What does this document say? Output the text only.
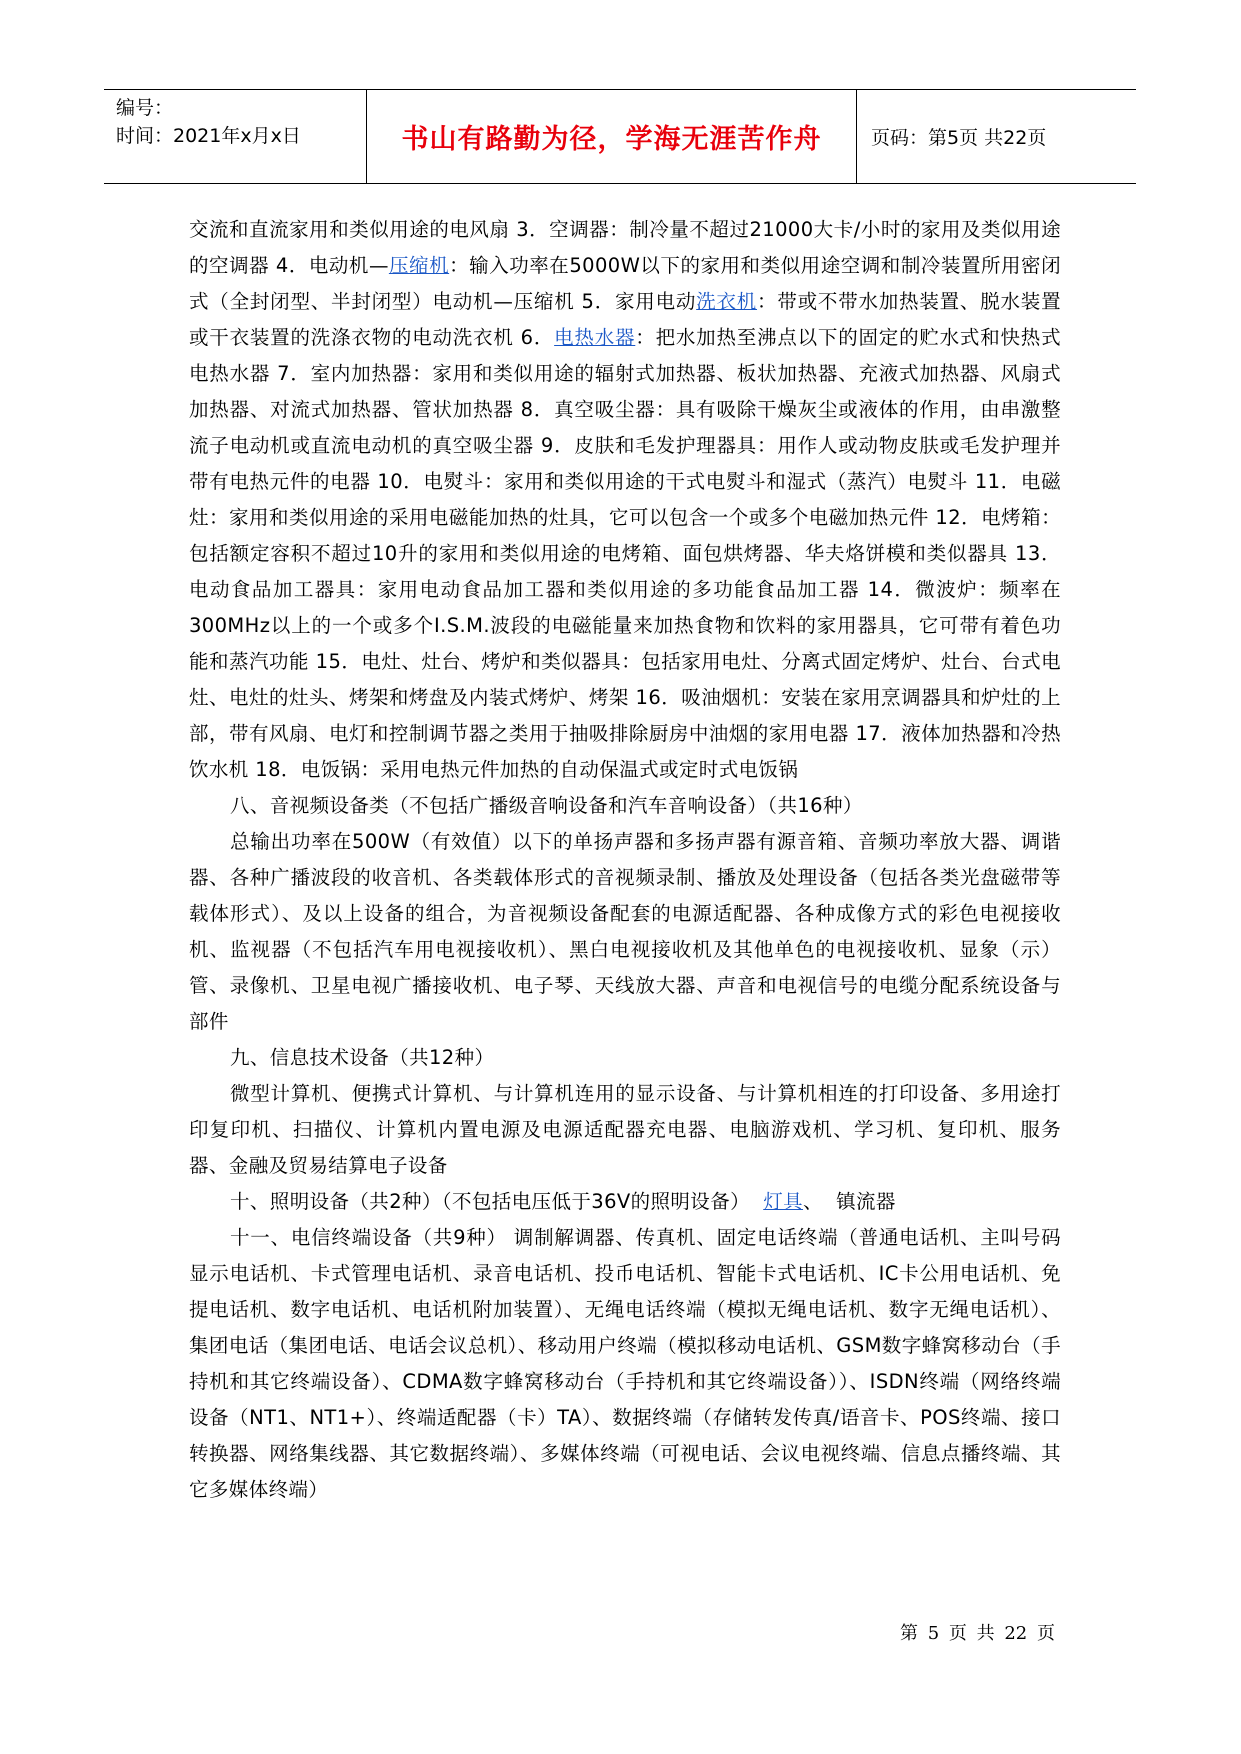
编号：
时间：2021年x月x日	书山有路勤为径，学海无涯苦作舟	页码：第5页 共22页

交流和直流家用和类似用途的电风扇 3．空调器：制冷量不超过21000大卡/小时的家用及类似用途的空调器 4．电动机—压缩机：输入功率在5000W以下的家用和类似用途空调和制冷装置所用密闭式（全封闭型、半封闭型）电动机—压缩机 5．家用电动洗衣机：带或不带水加热装置、脱水装置或干衣装置的洗涤衣物的电动洗衣机 6．电热水器：把水加热至沸点以下的固定的贮水式和快热式电热水器 7．室内加热器：家用和类似用途的辐射式加热器、板状加热器、充液式加热器、风扇式加热器、对流式加热器、管状加热器 8．真空吸尘器：具有吸除干燥灰尘或液体的作用，由串激整流子电动机或直流电动机的真空吸尘器 9．皮肤和毛发护理器具：用作人或动物皮肤或毛发护理并带有电热元件的电器 10．电熨斗：家用和类似用途的干式电熨斗和湿式（蒸汽）电熨斗 11．电磁灶：家用和类似用途的采用电磁能加热的灶具，它可以包含一个或多个电磁加热元件 12．电烤箱：包括额定容积不超过10升的家用和类似用途的电烤箱、面包烘烤器、华夫烙饼模和类似器具 13．电动食品加工器具：家用电动食品加工器和类似用途的多功能食品加工器 14．微波炉：频率在300MHz以上的一个或多个I.S.M.波段的电磁能量来加热食物和饮料的家用器具，它可带有着色功能和蒸汽功能 15．电灶、灶台、烤炉和类似器具：包括家用电灶、分离式固定烤炉、灶台、台式电灶、电灶的灶头、烤架和烤盘及内装式烤炉、烤架 16．吸油烟机：安装在家用烹调器具和炉灶的上部，带有风扇、电灯和控制调节器之类用于抽吸排除厨房中油烟的家用电器 17．液体加热器和冷热饮水机 18．电饭锅：采用电热元件加热的自动保温式或定时式电饭锅

八、音视频设备类（不包括广播级音响设备和汽车音响设备）（共16种）

总输出功率在500W（有效值）以下的单扬声器和多扬声器有源音箱、音频功率放大器、调谐器、各种广播波段的收音机、各类载体形式的音视频录制、播放及处理设备（包括各类光盘磁带等载体形式）、及以上设备的组合，为音视频设备配套的电源适配器、各种成像方式的彩色电视接收机、监视器（不包括汽车用电视接收机）、黑白电视接收机及其他单色的电视接收机、显象（示）管、录像机、卫星电视广播接收机、电子琴、天线放大器、声音和电视信号的电缆分配系统设备与部件

九、信息技术设备（共12种）

微型计算机、便携式计算机、与计算机连用的显示设备、与计算机相连的打印设备、多用途打印复印机、扫描仪、计算机内置电源及电源适配器充电器、电脑游戏机、学习机、复印机、服务器、金融及贸易结算电子设备

十、照明设备（共2种）（不包括电压低于36V的照明设备）  灯具、  镇流器

十一、电信终端设备（共9种） 调制解调器、传真机、固定电话终端（普通电话机、主叫号码显示电话机、卡式管理电话机、录音电话机、投币电话机、智能卡式电话机、IC卡公用电话机、免提电话机、数字电话机、电话机附加装置）、无绳电话终端（模拟无绳电话机、数字无绳电话机）、集团电话（集团电话、电话会议总机）、移动用户终端（模拟移动电话机、GSM数字蜂窝移动台（手持机和其它终端设备）、CDMA数字蜂窝移动台（手持机和其它终端设备））、ISDN终端（网络终端设备（NT1、NT1+）、终端适配器（卡）TA）、数据终端（存储转发传真/语音卡、POS终端、接口转换器、网络集线器、其它数据终端）、多媒体终端（可视电话、会议电视终端、信息点播终端、其它多媒体终端）

第 5 页 共 22 页
